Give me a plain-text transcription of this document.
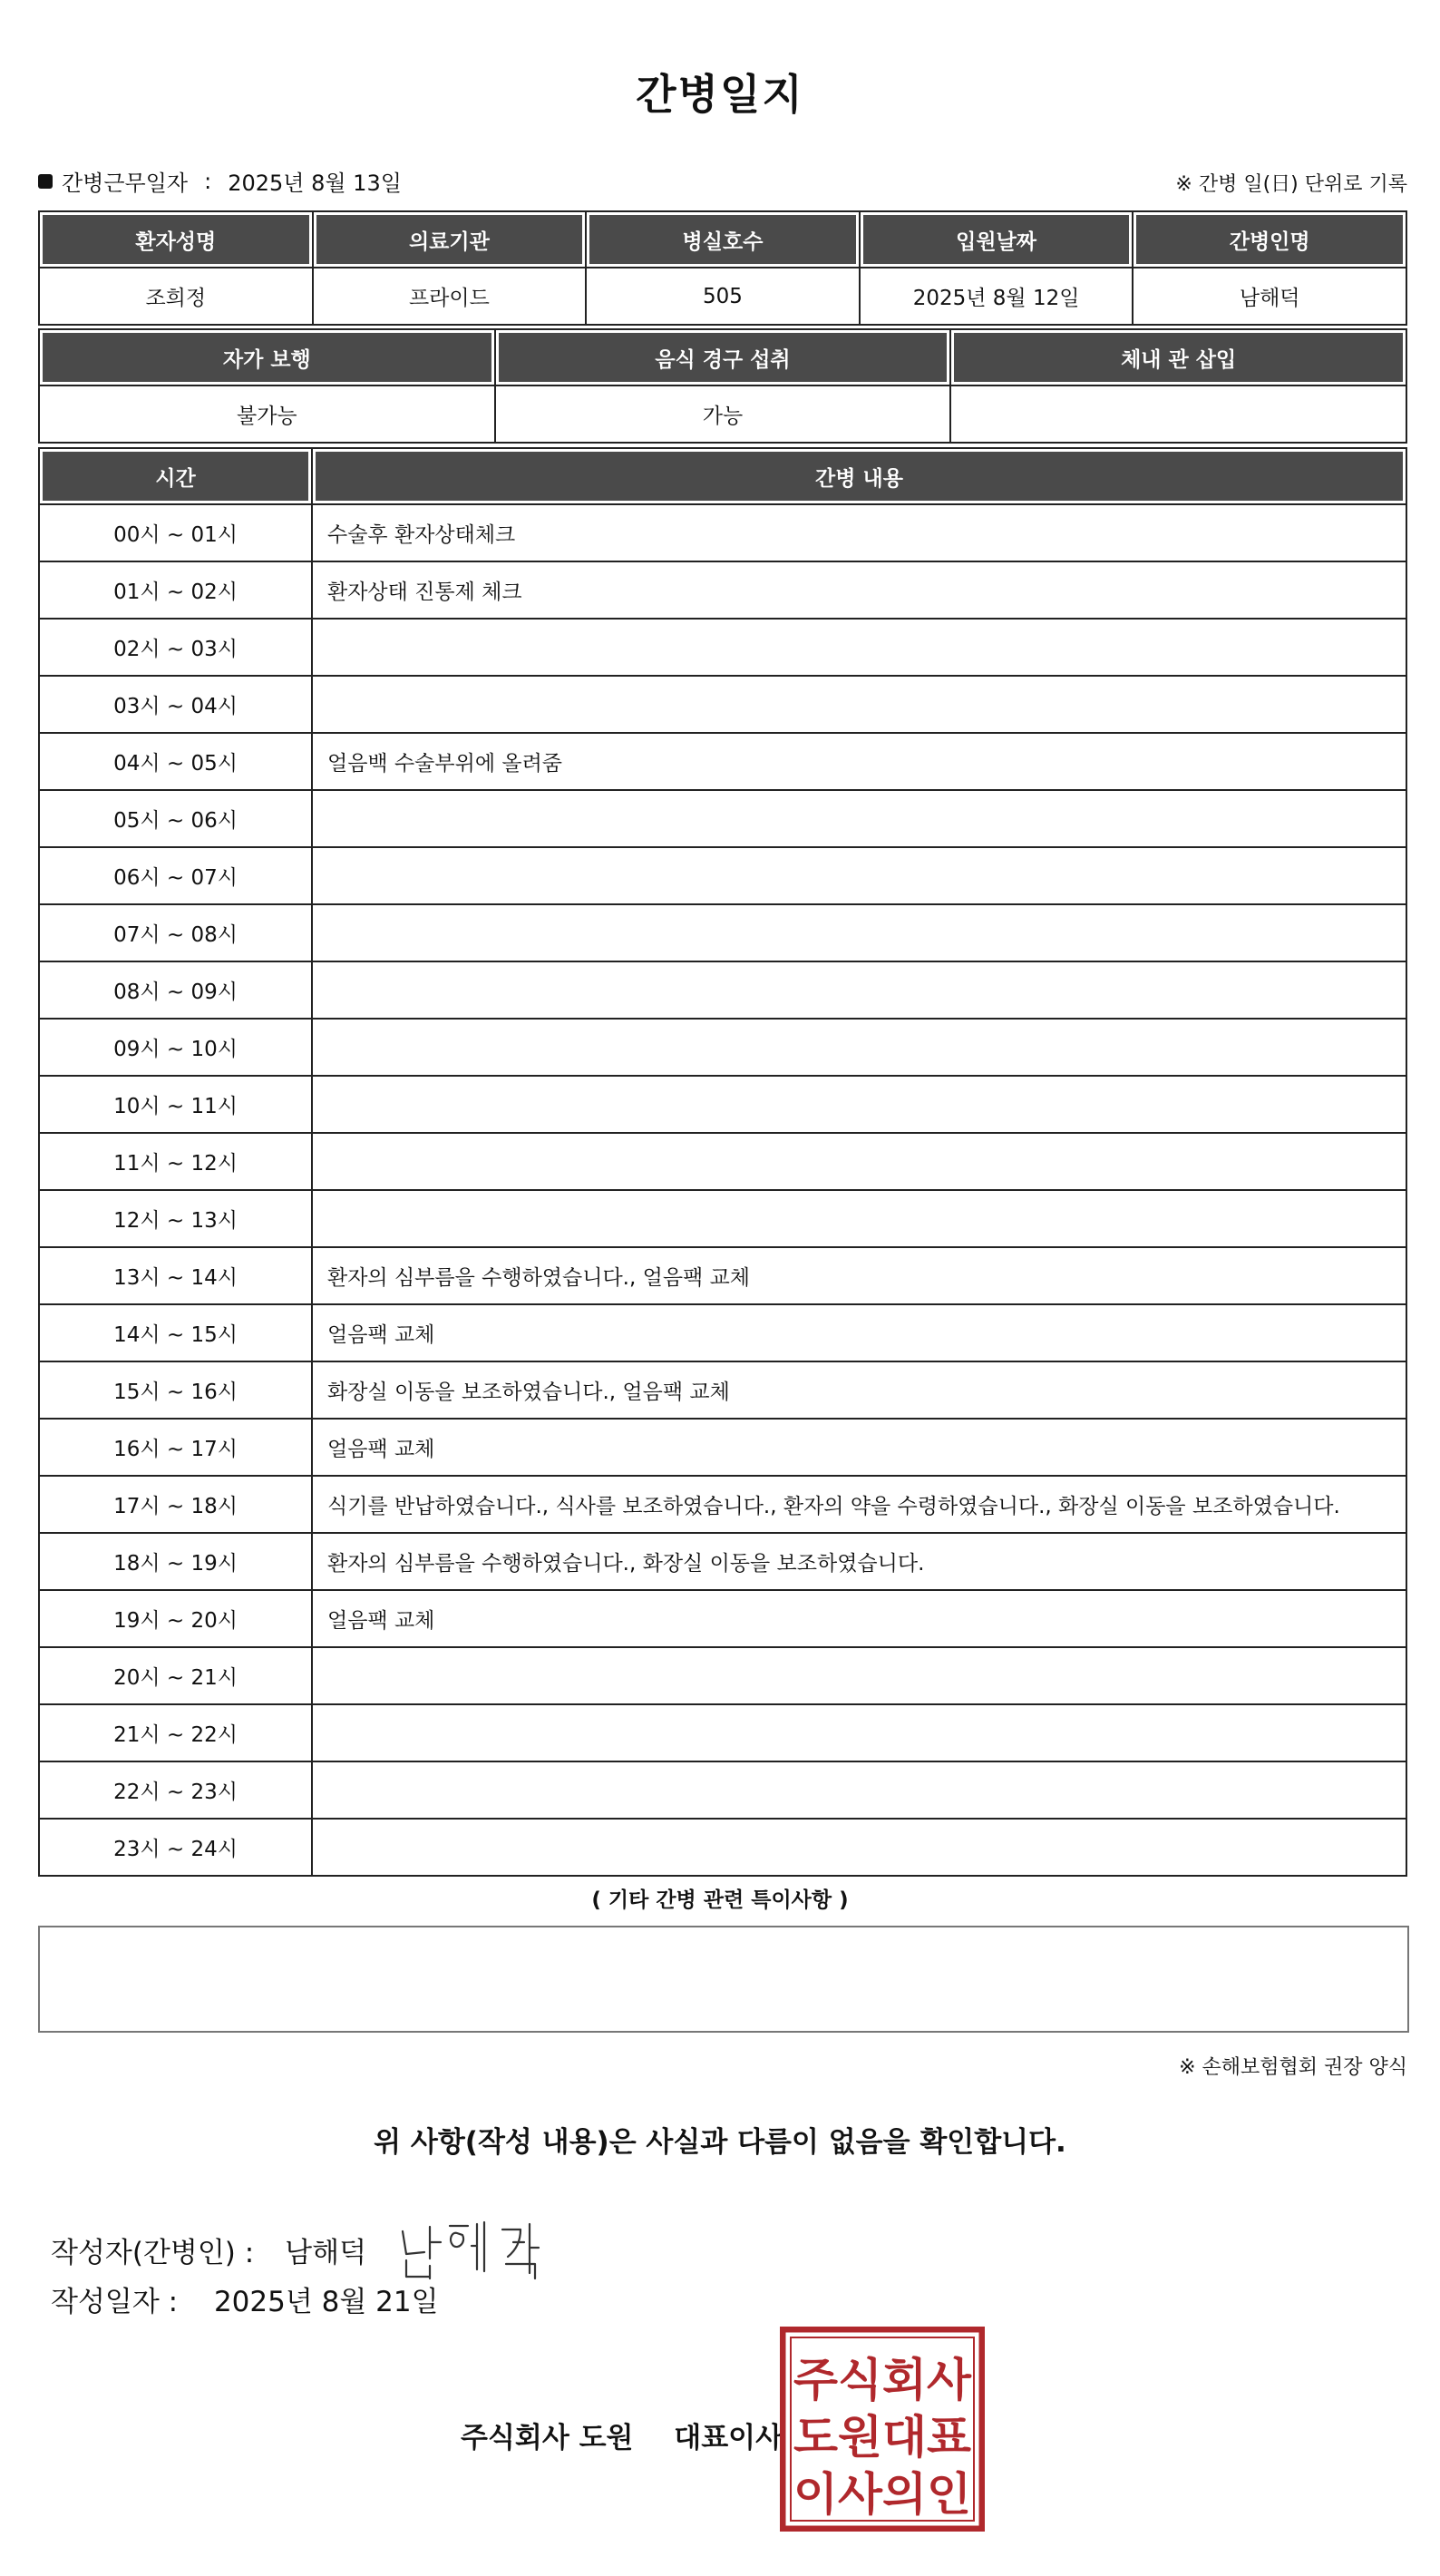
간병일지
간병근무일자 : 2025년 8월 13일	※ 간병 일(日) 단위로 기록
환자성명	의료기관	병실호수	입원날짜	간병인명
조희정	프라이드	505	2025년 8월 12일	남해덕
자가 보행	음식 경구 섭취	체내 관 삽입
불가능	가능	
시간	간병 내용
00시 ~ 01시	수술후 환자상태체크
01시 ~ 02시	환자상태 진통제 체크
02시 ~ 03시	
03시 ~ 04시	
04시 ~ 05시	얼음백 수술부위에 올려줌
05시 ~ 06시	
06시 ~ 07시	
07시 ~ 08시	
08시 ~ 09시	
09시 ~ 10시	
10시 ~ 11시	
11시 ~ 12시	
12시 ~ 13시	
13시 ~ 14시	환자의 심부름을 수행하였습니다., 얼음팩 교체
14시 ~ 15시	얼음팩 교체
15시 ~ 16시	화장실 이동을 보조하였습니다., 얼음팩 교체
16시 ~ 17시	얼음팩 교체
17시 ~ 18시	식기를 반납하였습니다., 식사를 보조하였습니다., 환자의 약을 수령하였습니다., 화장실 이동을 보조하였습니다.
18시 ~ 19시	환자의 심부름을 수행하였습니다., 화장실 이동을 보조하였습니다.
19시 ~ 20시	얼음팩 교체
20시 ~ 21시	
21시 ~ 22시	
22시 ~ 23시	
23시 ~ 24시	
( 기타 간병 관련 특이사항 )
※ 손해보험협회 권장 양식
위 사항(작성 내용)은 사실과 다름이 없음을 확인합니다.
작성자(간병인) : 남해덕
작성일자 : 2025년 8월 21일
주식회사 도원 대표이사
주식회사
도원대표
이사의인
